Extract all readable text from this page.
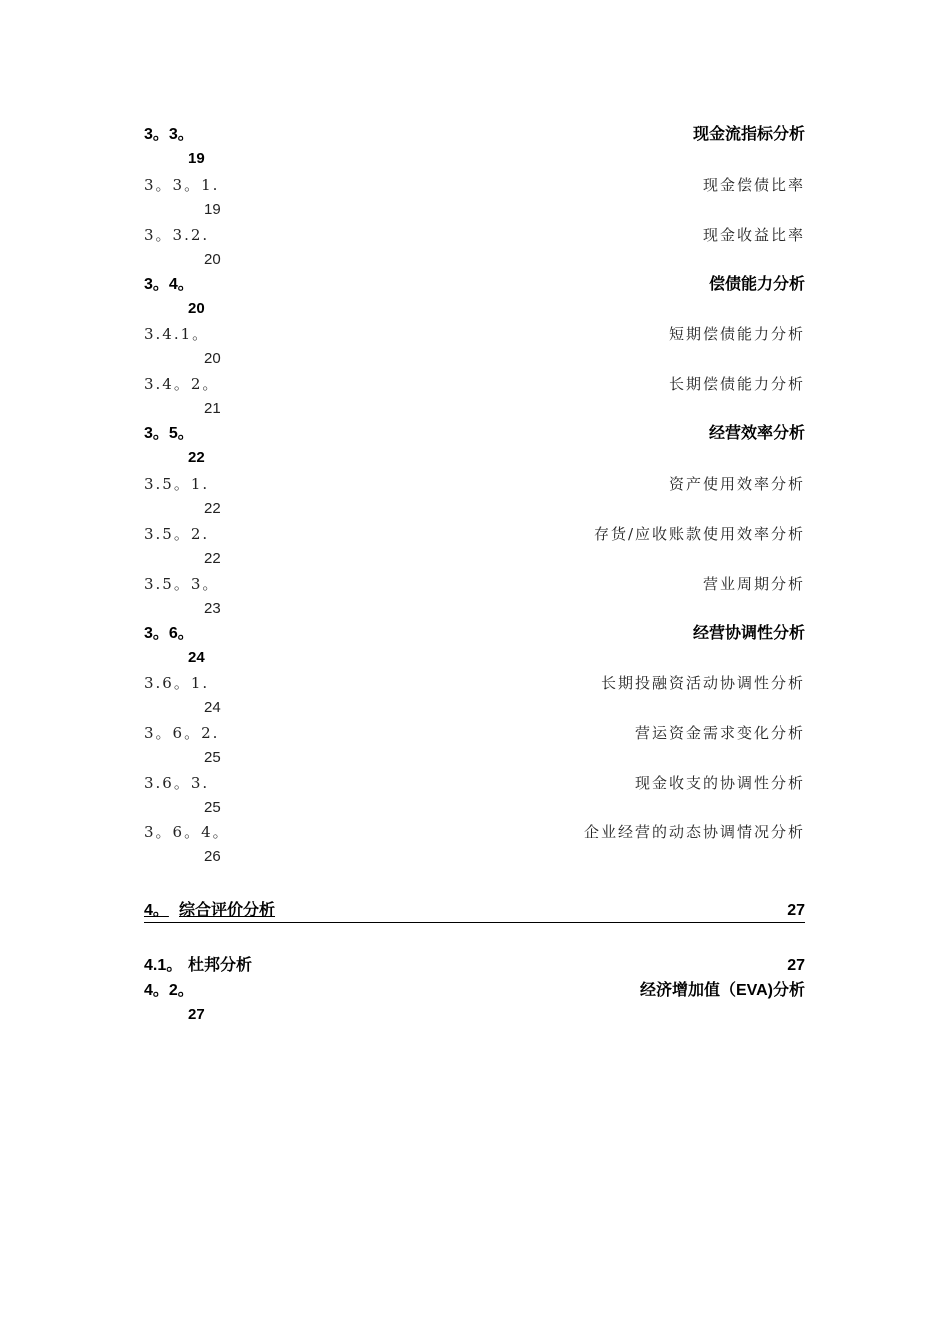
3。3。	现金流指标分析
19
3。3。1.	现金偿债比率
19
3。3.2.	现金收益比率
20
3。4。	偿债能力分析
20
3.4.1。	短期偿债能力分析
20
3.4。2。	长期偿债能力分析
21
3。5。	经营效率分析
22
3.5。1.	资产使用效率分析
22
3.5。2.	存货/应收账款使用效率分析
22
3.5。3。	营业周期分析
23
3。6。	经营协调性分析
24
3.6。1.	长期投融资活动协调性分析
24
3。6。2.	营运资金需求变化分析
25
3.6。3.	现金收支的协调性分析
25
3。6。4。	企业经营的动态协调情况分析
26
4。 综合评价分析	27
4.1。 杜邦分析	27
4。2。	经济增加值（EVA)分析
27
